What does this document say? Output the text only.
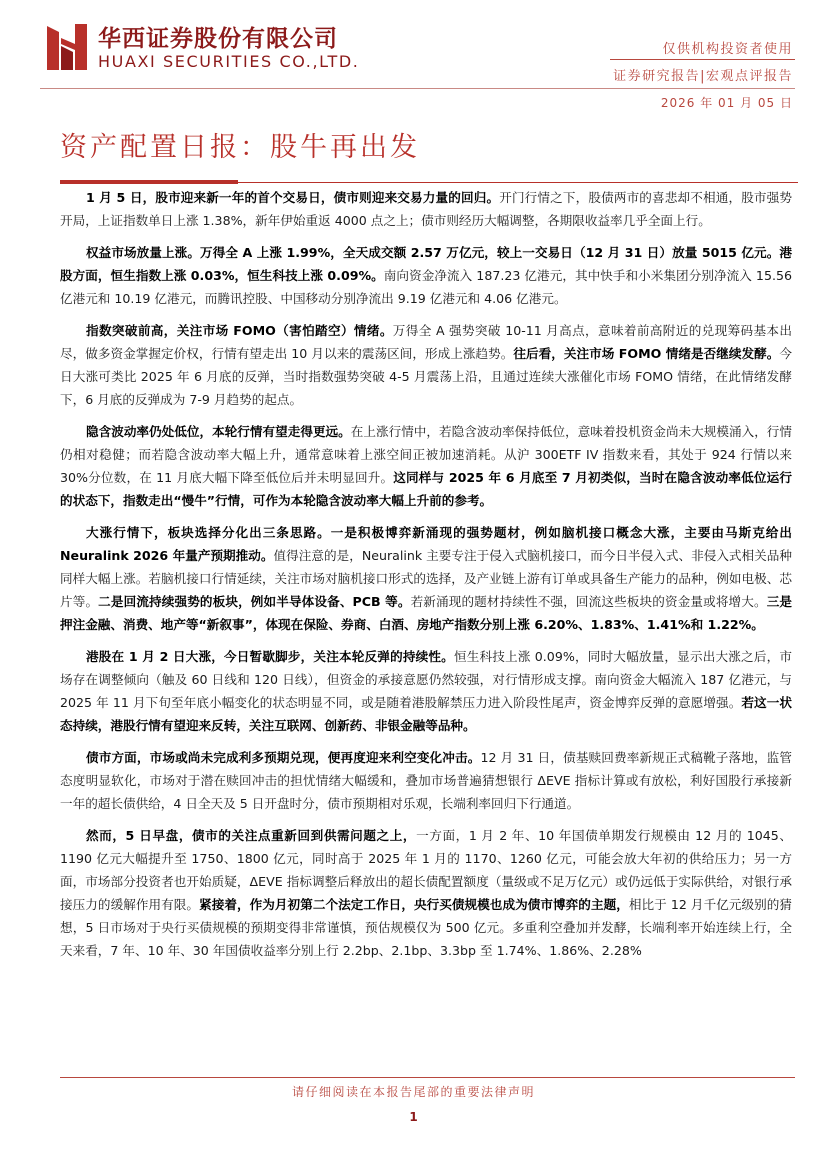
华西证券股份有限公司
HUAXI SECURITIES CO.,LTD.
仅供机构投资者使用
证券研究报告|宏观点评报告
2026 年 01 月 05 日
资产配置日报：股牛再出发

1 月 5 日，股市迎来新一年的首个交易日，债市则迎来交易力量的回归。开门行情之下，股债两市的喜悲却不相通，股市强势开局，上证指数单日上涨 1.38%，新年伊始重返 4000 点之上；债市则经历大幅调整，各期限收益率几乎全面上行。

权益市场放量上涨。万得全 A 上涨 1.99%，全天成交额 2.57 万亿元，较上一交易日（12 月 31 日）放量 5015 亿元。港股方面，恒生指数上涨 0.03%，恒生科技上涨 0.09%。南向资金净流入 187.23 亿港元，其中快手和小米集团分别净流入 15.56 亿港元和 10.19 亿港元，而腾讯控股、中国移动分别净流出 9.19 亿港元和 4.06 亿港元。

指数突破前高，关注市场 FOMO（害怕踏空）情绪。万得全 A 强势突破 10-11 月高点，意味着前高附近的兑现筹码基本出尽，做多资金掌握定价权，行情有望走出 10 月以来的震荡区间，形成上涨趋势。往后看，关注市场 FOMO 情绪是否继续发酵。今日大涨可类比 2025 年 6 月底的反弹，当时指数强势突破 4-5 月震荡上沿，且通过连续大涨催化市场 FOMO 情绪，在此情绪发酵下，6 月底的反弹成为 7-9 月趋势的起点。

隐含波动率仍处低位，本轮行情有望走得更远。在上涨行情中，若隐含波动率保持低位，意味着投机资金尚未大规模涌入，行情仍相对稳健；而若隐含波动率大幅上升，通常意味着上涨空间正被加速消耗。从沪 300ETF IV 指数来看，其处于 924 行情以来 30%分位数，在 11 月底大幅下降至低位后并未明显回升。这同样与 2025 年 6 月底至 7 月初类似，当时在隐含波动率低位运行的状态下，指数走出“慢牛”行情，可作为本轮隐含波动率大幅上升前的参考。

大涨行情下，板块选择分化出三条思路。一是积极博弈新涌现的强势题材，例如脑机接口概念大涨，主要由马斯克给出 Neuralink 2026 年量产预期推动。值得注意的是，Neuralink 主要专注于侵入式脑机接口，而今日半侵入式、非侵入式相关品种同样大幅上涨。若脑机接口行情延续，关注市场对脑机接口形式的选择，及产业链上游有订单或具备生产能力的品种，例如电极、芯片等。二是回流持续强势的板块，例如半导体设备、PCB 等。若新涌现的题材持续性不强，回流这些板块的资金量或将增大。三是押注金融、消费、地产等“新叙事”，体现在保险、券商、白酒、房地产指数分别上涨 6.20%、1.83%、1.41%和 1.22%。

港股在 1 月 2 日大涨，今日暂歇脚步，关注本轮反弹的持续性。恒生科技上涨 0.09%，同时大幅放量，显示出大涨之后，市场存在调整倾向（触及 60 日线和 120 日线），但资金的承接意愿仍然较强，对行情形成支撑。南向资金大幅流入 187 亿港元，与 2025 年 11 月下旬至年底小幅变化的状态明显不同，或是随着港股解禁压力进入阶段性尾声，资金博弈反弹的意愿增强。若这一状态持续，港股行情有望迎来反转，关注互联网、创新药、非银金融等品种。

债市方面，市场或尚未完成利多预期兑现，便再度迎来利空变化冲击。12 月 31 日，债基赎回费率新规正式稿靴子落地，监管态度明显软化，市场对于潜在赎回冲击的担忧情绪大幅缓和，叠加市场普遍猜想银行 ΔEVE 指标计算或有放松，利好国股行承接新一年的超长债供给，4 日全天及 5 日开盘时分，债市预期相对乐观，长端利率回归下行通道。

然而，5 日早盘，债市的关注点重新回到供需问题之上，一方面，1 月 2 年、10 年国债单期发行规模由 12 月的 1045、1190 亿元大幅提升至 1750、1800 亿元，同时高于 2025 年 1 月的 1170、1260 亿元，可能会放大年初的供给压力；另一方面，市场部分投资者也开始质疑，ΔEVE 指标调整后释放出的超长债配置额度（量级或不足万亿元）或仍远低于实际供给，对银行承接压力的缓解作用有限。紧接着，作为月初第二个法定工作日，央行买债规模也成为债市博弈的主题，相比于 12 月千亿元级别的猜想，5 日市场对于央行买债规模的预期变得非常谨慎，预估规模仅为 500 亿元。多重利空叠加并发酵，长端利率开始连续上行，全天来看，7 年、10 年、30 年国债收益率分别上行 2.2bp、2.1bp、3.3bp 至 1.74%、1.86%、2.28%

请仔细阅读在本报告尾部的重要法律声明
1
